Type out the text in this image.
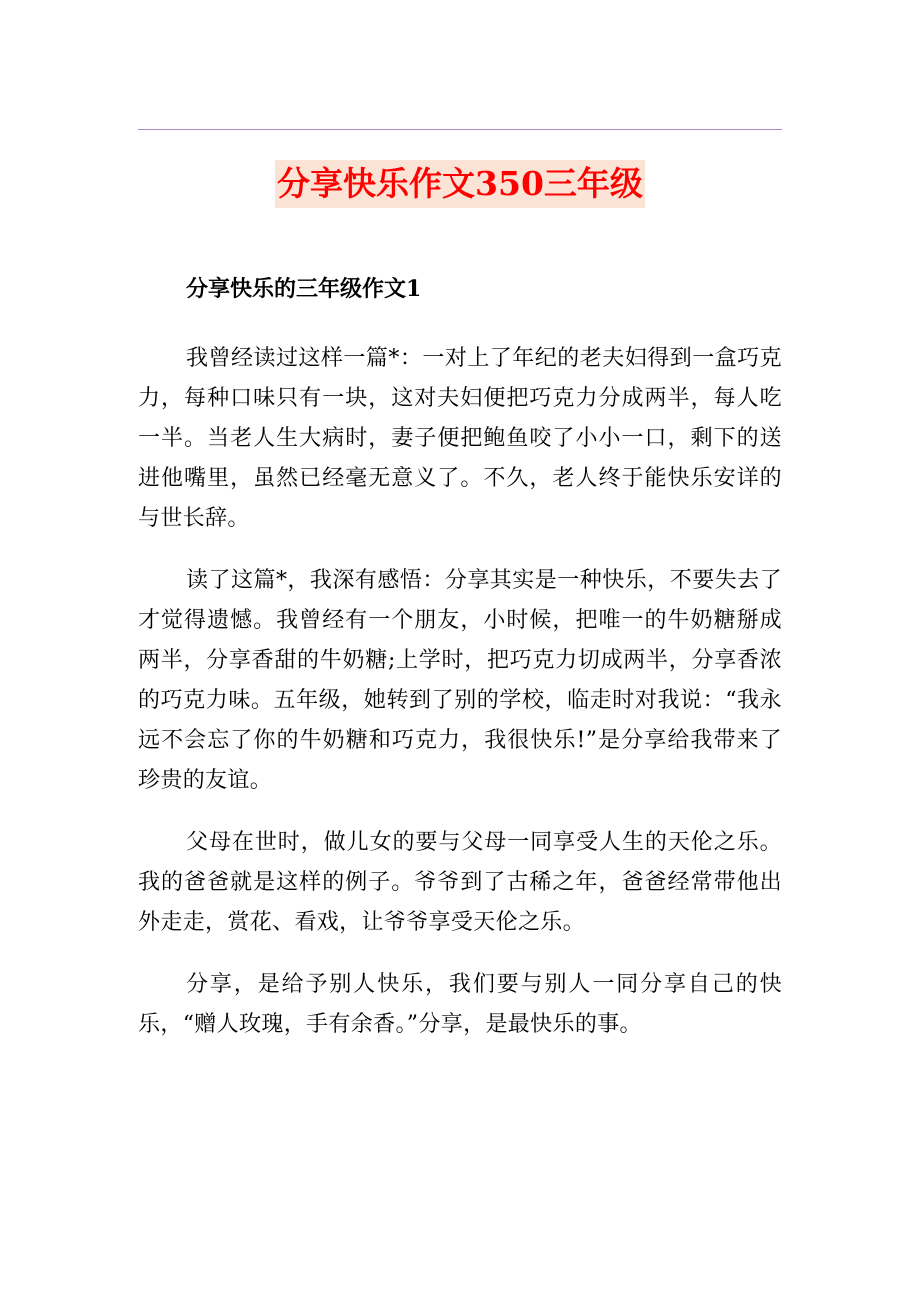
分享快乐作文350三年级
分享快乐的三年级作文1

我曾经读过这样一篇*：一对上了年纪的老夫妇得到一盒巧克力，每种口味只有一块，这对夫妇便把巧克力分成两半，每人吃一半。当老人生大病时，妻子便把鲍鱼咬了小小一口，剩下的送进他嘴里，虽然已经毫无意义了。不久，老人终于能快乐安详的与世长辞。

读了这篇*，我深有感悟：分享其实是一种快乐，不要失去了才觉得遗憾。我曾经有一个朋友，小时候，把唯一的牛奶糖掰成两半，分享香甜的牛奶糖;上学时，把巧克力切成两半，分享香浓的巧克力味。五年级，她转到了别的学校，临走时对我说：“我永远不会忘了你的牛奶糖和巧克力，我很快乐!”是分享给我带来了珍贵的友谊。

父母在世时，做儿女的要与父母一同享受人生的天伦之乐。我的爸爸就是这样的例子。爷爷到了古稀之年，爸爸经常带他出外走走，赏花、看戏，让爷爷享受天伦之乐。

分享，是给予别人快乐，我们要与别人一同分享自己的快乐，“赠人玫瑰，手有余香。”分享，是最快乐的事。
